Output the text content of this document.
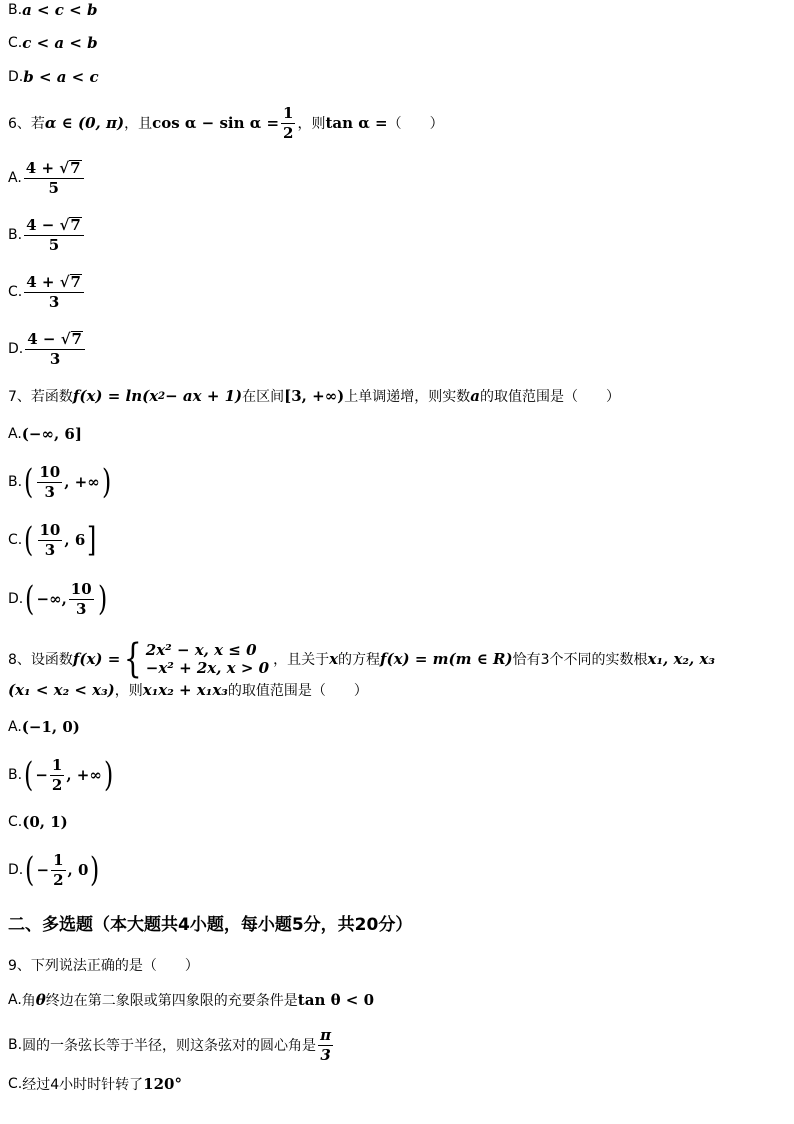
B. a < c < b
C. c < a < b
D. b < a < c
6、若 α ∈ (0, π) ，且 $\cos \alpha - \sin \alpha = \frac{1}{2}$ ，则 tan α = （　　）
A. $\frac{4 + √ 7}{5}$
B. $\frac{4 - √ 7}{5}$
C. $\frac{4 + √ 7}{3}$
D. $\frac{4 - √ 7}{3}$
7、若函数 f(x) = ln(x 2 − ax + 1) 在区间 [3, +∞) 上单调递增，则实数 a 的取值范围是（　　）
A. (−∞, 6]
B. ( $\frac{10}{3}$ , +∞ )
C. ( $\frac{10}{3}$ , 6 ]
D. ( −∞, $\frac{10}{3}$ )
8、设函数 f(x) = { 2x² − x, x ≤ 0
−x² + 2x, x > 0 ，且关于 x 的方程 f(x) = m(m ∈ R) 恰有3个不同的实数根 x₁, x₂, x₃
(x₁ < x₂ < x₃) ，则 x₁x₂ + x₁x₃ 的取值范围是（　　）
A. (−1, 0)
B. ( − $\frac{1}{2}$ , +∞ )
C. (0, 1)
D. ( − $\frac{1}{2}$ , 0 )
二、多选题（本大题共4小题，每小题5分，共20分）
9、下列说法正确的是（　　）
A. 角 θ 终边在第二象限或第四象限的充要条件是 tan θ < 0
B. 圆的一条弦长等于半径，则这条弦对的圆心角是 $\frac{\pi}{3}$
C. 经过4小时时针转了 120°
